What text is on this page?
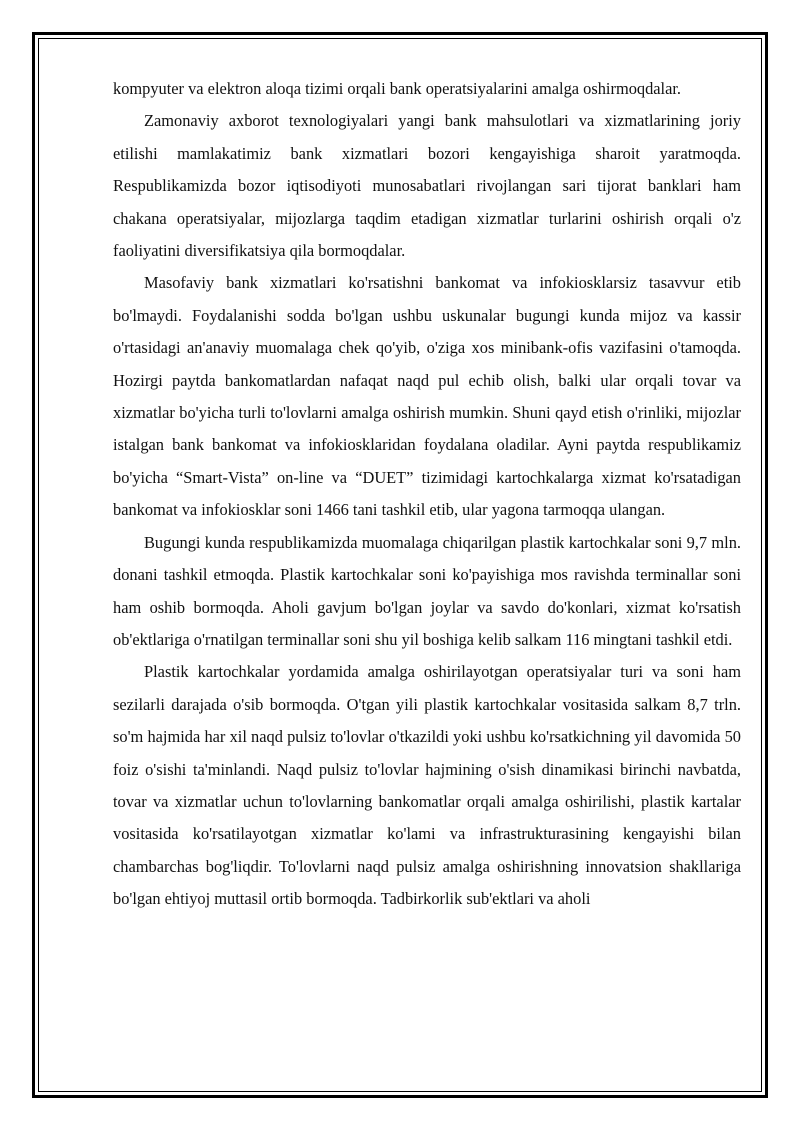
kompyuter va elektron aloqa tizimi orqali bank operatsiyalarini amalga oshirmoqdalar.

Zamonaviy axborot texnologiyalari yangi bank mahsulotlari va xizmatlarining joriy etilishi mamlakatimiz bank xizmatlari bozori kengayishiga sharoit yaratmoqda. Respublikamizda bozor iqtisodiyoti munosabatlari rivojlangan sari tijorat banklari ham chakana operatsiyalar, mijozlarga taqdim etadigan xizmatlar turlarini oshirish orqali o'z faoliyatini diversifikatsiya qila bormoqdalar.

Masofaviy bank xizmatlari ko'rsatishni bankomat va infokiosklarsiz tasavvur etib bo'lmaydi. Foydalanishi sodda bo'lgan ushbu uskunalar bugungi kunda mijoz va kassir o'rtasidagi an'anaviy muomalaga chek qo'yib, o'ziga xos minibank-ofis vazifasini o'tamoqda. Hozirgi paytda bankomatlardan nafaqat naqd pul echib olish, balki ular orqali tovar va xizmatlar bo'yicha turli to'lovlarni amalga oshirish mumkin. Shuni qayd etish o'rinliki, mijozlar istalgan bank bankomat va infokiosklaridan foydalana oladilar. Ayni paytda respublikamiz bo'yicha “Smart-Vista” on-line va “DUET” tizimidagi kartochkalarga xizmat ko'rsatadigan bankomat va infokiosklar soni 1466 tani tashkil etib, ular yagona tarmoqqa ulangan.

Bugungi kunda respublikamizda muomalaga chiqarilgan plastik kartochkalar soni 9,7 mln. donani tashkil etmoqda. Plastik kartochkalar soni ko'payishiga mos ravishda terminallar soni ham oshib bormoqda. Aholi gavjum bo'lgan joylar va savdo do'konlari, xizmat ko'rsatish ob'ektlariga o'rnatilgan terminallar soni shu yil boshiga kelib salkam 116 mingtani tashkil etdi.

Plastik kartochkalar yordamida amalga oshirilayotgan operatsiyalar turi va soni ham sezilarli darajada o'sib bormoqda. O'tgan yili plastik kartochkalar vositasida salkam 8,7 trln. so'm hajmida har xil naqd pulsiz to'lovlar o'tkazildi yoki ushbu ko'rsatkichning yil davomida 50 foiz o'sishi ta'minlandi. Naqd pulsiz to'lovlar hajmining o'sish dinamikasi birinchi navbatda, tovar va xizmatlar uchun to'lovlarning bankomatlar orqali amalga oshirilishi, plastik kartalar vositasida ko'rsatilayotgan xizmatlar ko'lami va infrastrukturasining kengayishi bilan chambarchas bog'liqdir. To'lovlarni naqd pulsiz amalga oshirishning innovatsion shakllariga bo'lgan ehtiyoj muttasil ortib bormoqda. Tadbirkorlik sub'ektlari va aholi
